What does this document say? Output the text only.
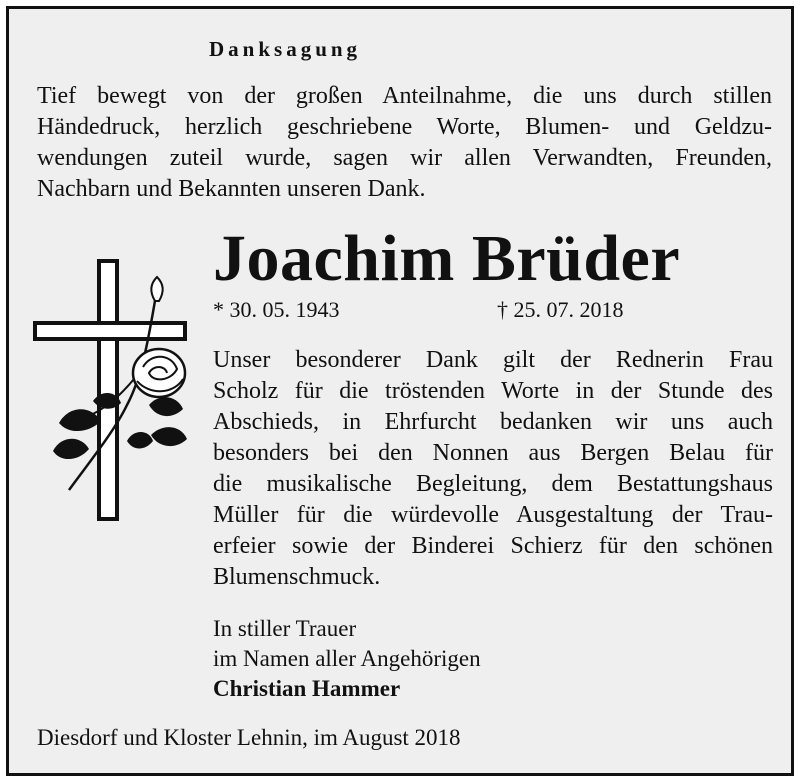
Danksagung

Tief bewegt von der großen Anteilnahme, die uns durch stillen
Händedruck, herzlich geschriebene Worte, Blumen- und Geldzu-
wendungen zuteil wurde, sagen wir allen Verwandten, Freunden,
Nachbarn und Bekannten unseren Dank.

Joachim Brüder
* 30. 05. 1943	† 25. 07. 2018

Unser besonderer Dank gilt der Rednerin Frau
Scholz für die tröstenden Worte in der Stunde des
Abschieds, in Ehrfurcht bedanken wir uns auch
besonders bei den Nonnen aus Bergen Belau für
die musikalische Begleitung, dem Bestattungshaus
Müller für die würdevolle Ausgestaltung der Trau-
erfeier sowie der Binderei Schierz für den schönen
Blumenschmuck.

In stiller Trauer
im Namen aller Angehörigen
Christian Hammer
Diesdorf und Kloster Lehnin, im August 2018
